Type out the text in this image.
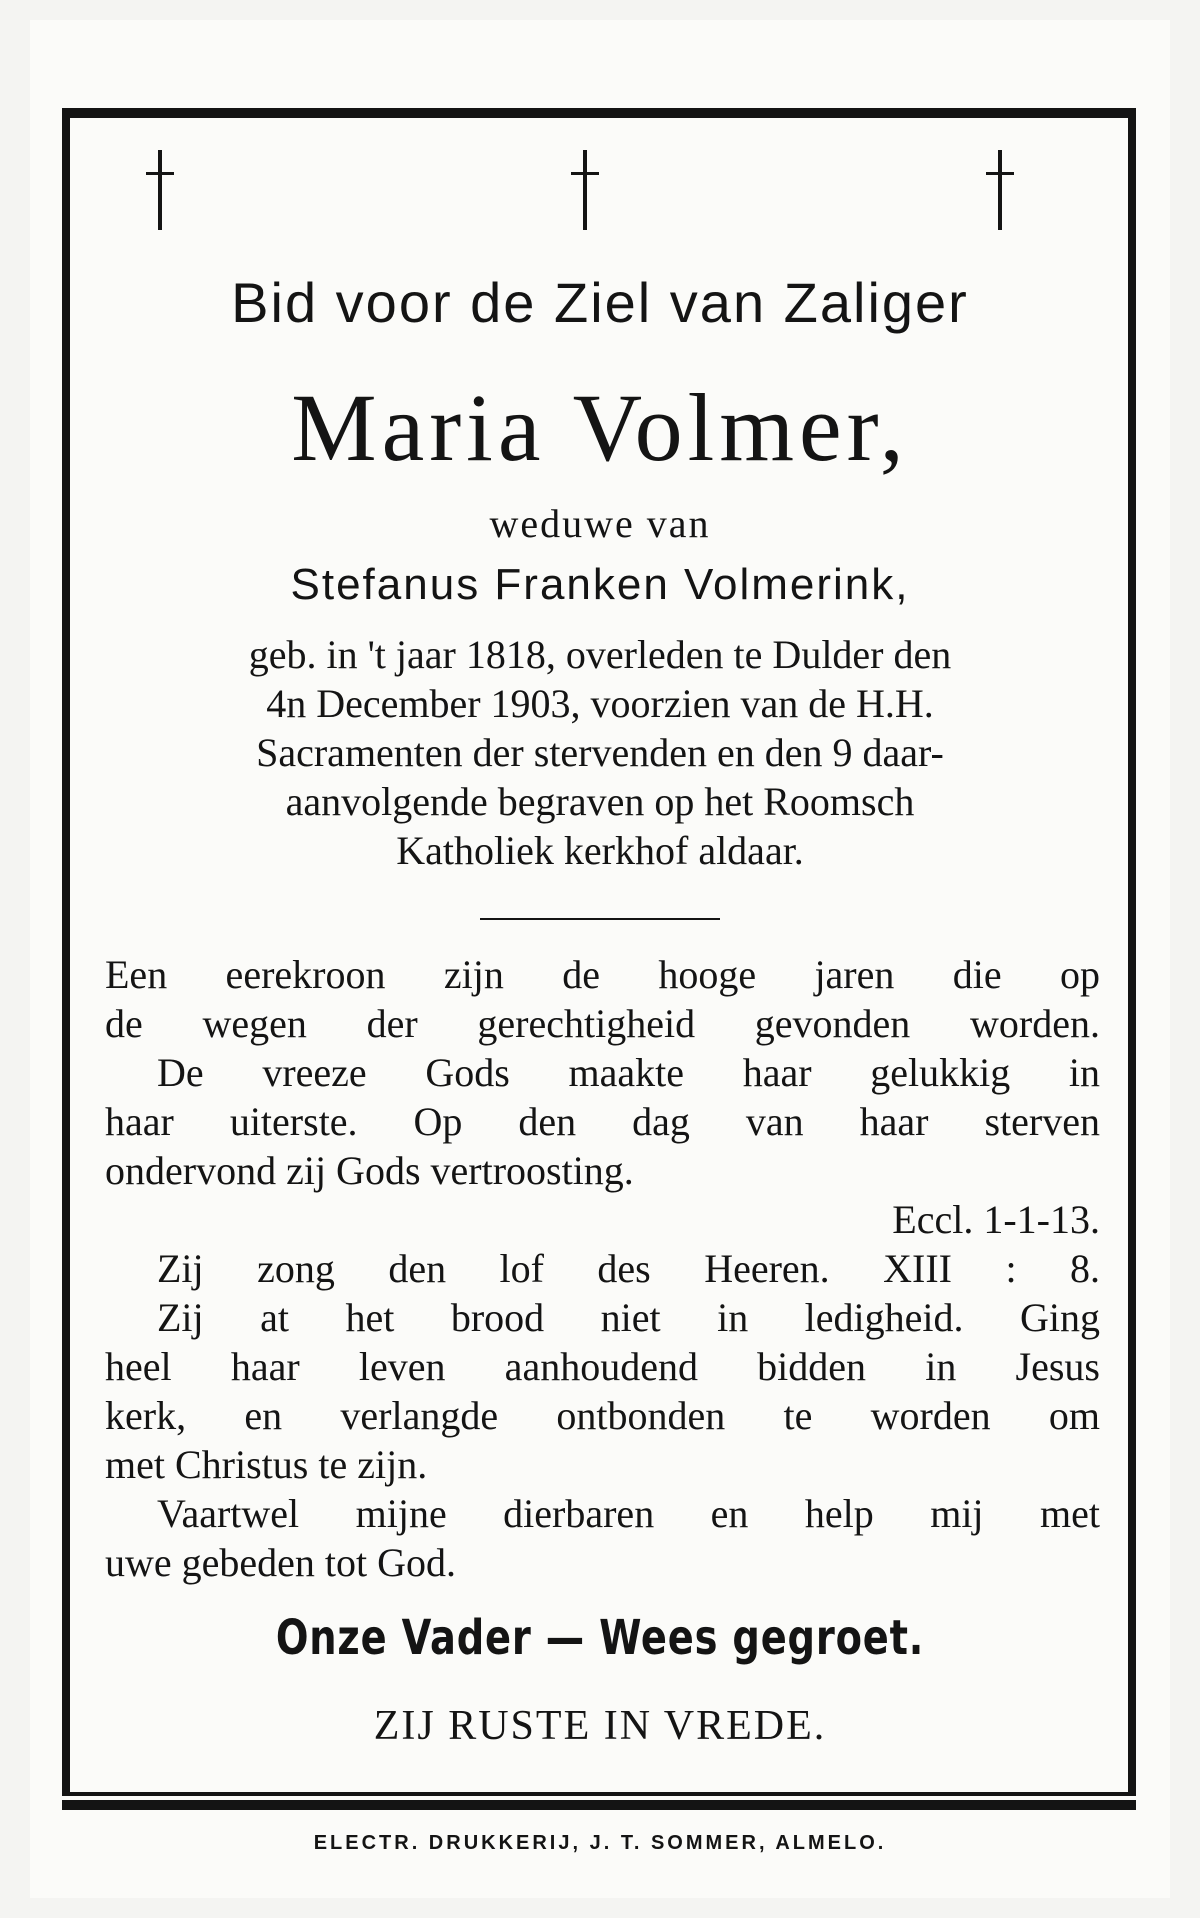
Bid voor de Ziel van Zaliger
Maria Volmer,
weduwe van
Stefanus Franken Volmerink,
geb. in 't jaar 1818, overleden te Dulder den
4n December 1903, voorzien van de H.H.
Sacramenten der stervenden en den 9 daar-
aanvolgende begraven op het Roomsch
Katholiek kerkhof aldaar.
Een eerekroon zijn de hooge jaren die op
de wegen der gerechtigheid gevonden worden.
De vreeze Gods maakte haar gelukkig in
haar uiterste. Op den dag van haar sterven
ondervond zij Gods vertroosting.
Eccl. 1-1-13.
Zij zong den lof des Heeren. XIII : 8.
Zij at het brood niet in ledigheid. Ging
heel haar leven aanhoudend bidden in Jesus
kerk, en verlangde ontbonden te worden om
met Christus te zijn.
Vaartwel mijne dierbaren en help mij met
uwe gebeden tot God.
Onze Vader — Wees gegroet.
ZIJ RUSTE IN VREDE.
ELECTR. DRUKKERIJ, J. T. SOMMER, ALMELO.
